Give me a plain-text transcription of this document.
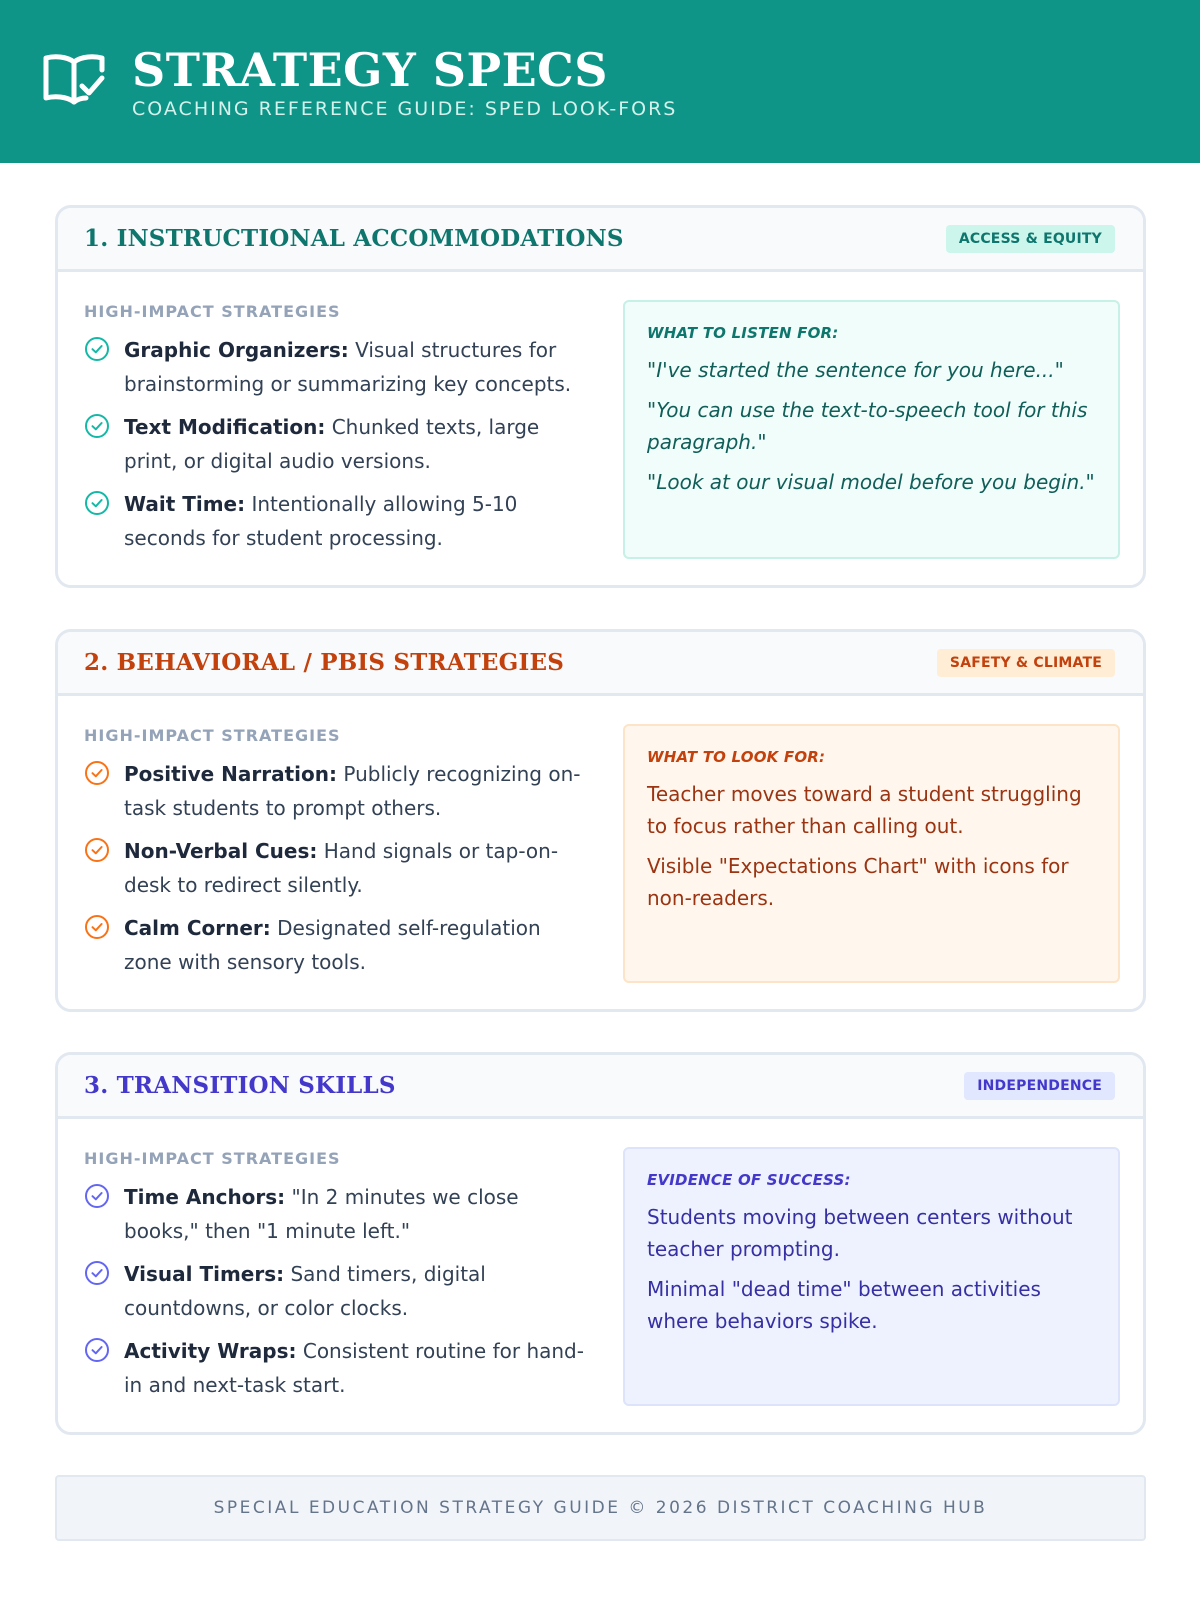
STRATEGY SPECS
COACHING REFERENCE GUIDE: SPED LOOK-FORS
1. INSTRUCTIONAL ACCOMMODATIONS	ACCESS & EQUITY
HIGH-IMPACT STRATEGIES
Graphic Organizers: Visual structures for brainstorming or summarizing key concepts.
Text Modification: Chunked texts, large print, or digital audio versions.
Wait Time: Intentionally allowing 5-10 seconds for student processing.
WHAT TO LISTEN FOR:
"I've started the sentence for you here..."
"You can use the text-to-speech tool for this paragraph."
"Look at our visual model before you begin."
2. BEHAVIORAL / PBIS STRATEGIES	SAFETY & CLIMATE
HIGH-IMPACT STRATEGIES
Positive Narration: Publicly recognizing on-task students to prompt others.
Non-Verbal Cues: Hand signals or tap-on-desk to redirect silently.
Calm Corner: Designated self-regulation zone with sensory tools.
WHAT TO LOOK FOR:
Teacher moves toward a student struggling to focus rather than calling out.
Visible "Expectations Chart" with icons for non-readers.
3. TRANSITION SKILLS	INDEPENDENCE
HIGH-IMPACT STRATEGIES
Time Anchors: "In 2 minutes we close books," then "1 minute left."
Visual Timers: Sand timers, digital countdowns, or color clocks.
Activity Wraps: Consistent routine for hand-in and next-task start.
EVIDENCE OF SUCCESS:
Students moving between centers without teacher prompting.
Minimal "dead time" between activities where behaviors spike.
SPECIAL EDUCATION STRATEGY GUIDE © 2026 DISTRICT COACHING HUB
